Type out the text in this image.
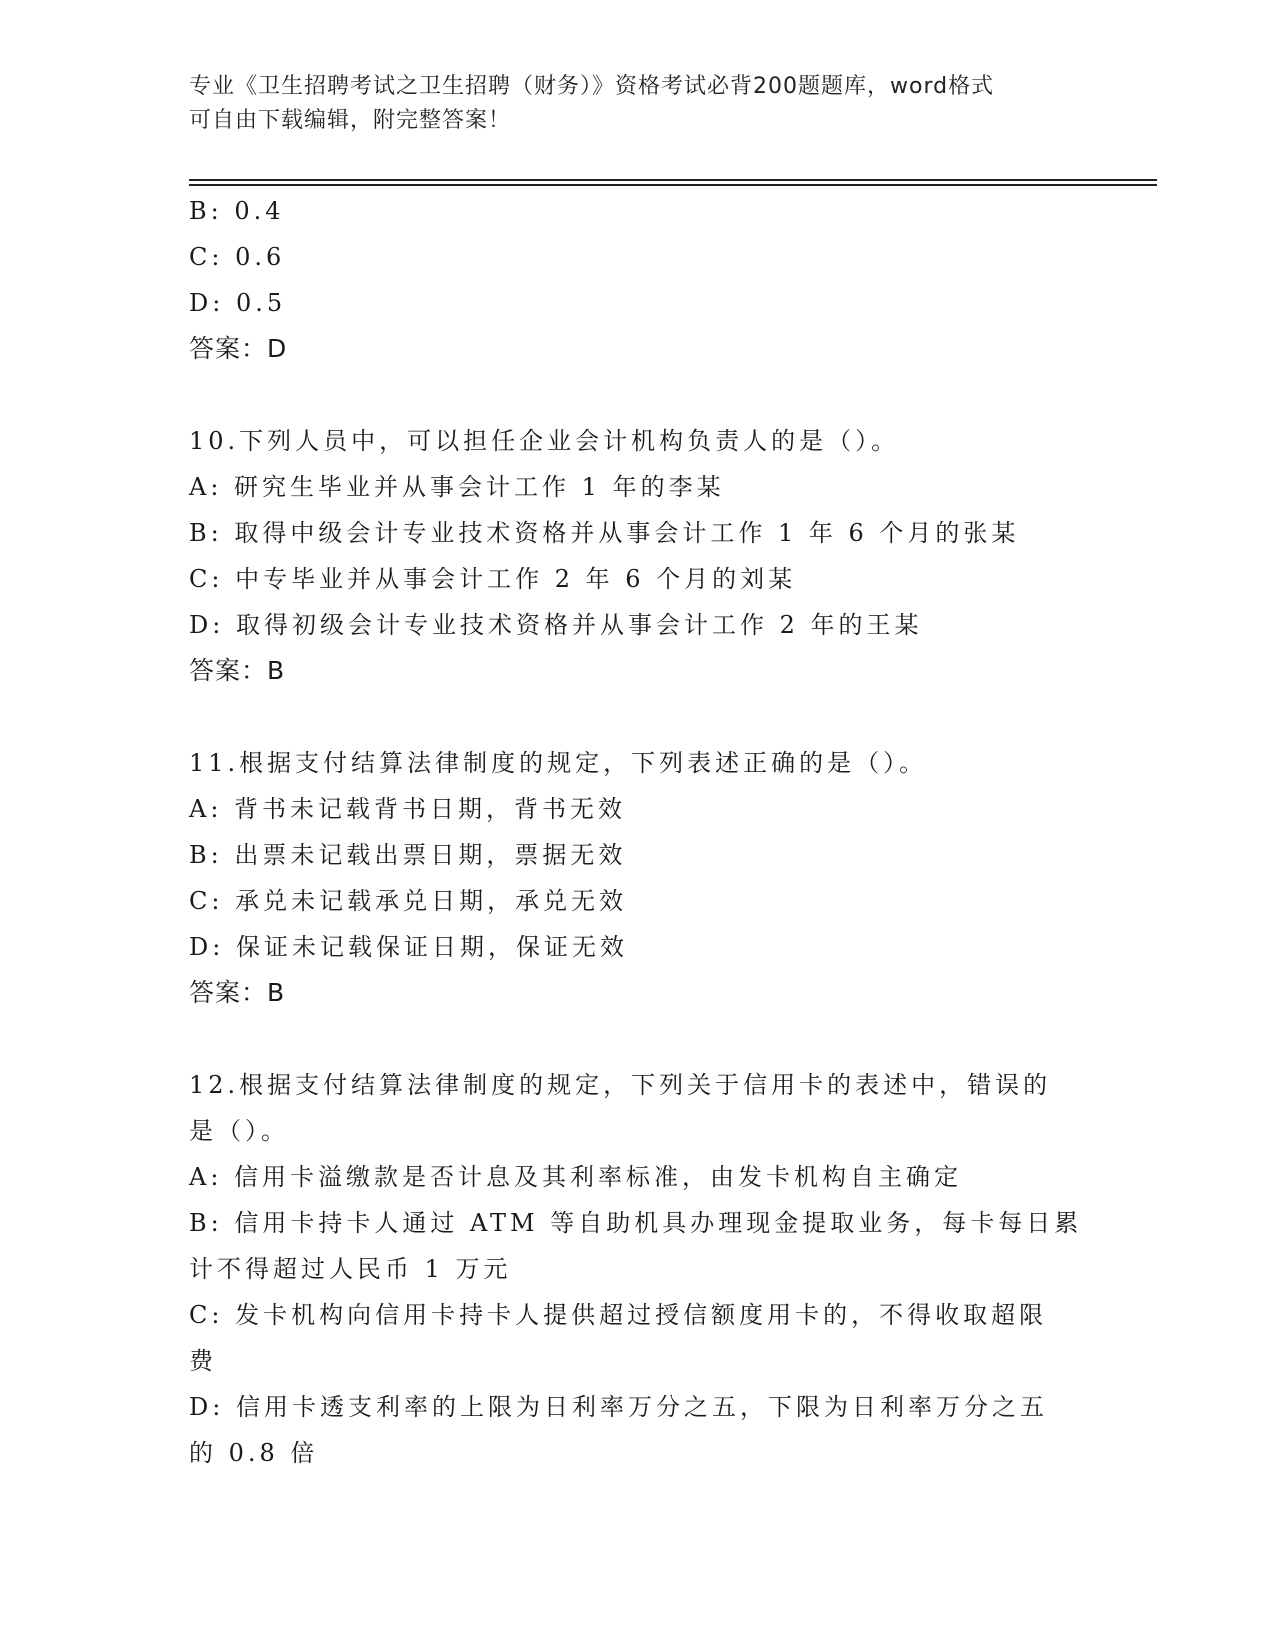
专业《卫生招聘考试之卫生招聘（财务）》资格考试必背200题题库，word格式
可自由下载编辑，附完整答案！
B: 0.4
C: 0.6
D: 0.5
答案：D
10.下列人员中，可以担任企业会计机构负责人的是（）。
A: 研究生毕业并从事会计工作 1 年的李某
B: 取得中级会计专业技术资格并从事会计工作 1 年 6 个月的张某
C: 中专毕业并从事会计工作 2 年 6 个月的刘某
D: 取得初级会计专业技术资格并从事会计工作 2 年的王某
答案：B
11.根据支付结算法律制度的规定，下列表述正确的是（）。
A: 背书未记载背书日期，背书无效
B: 出票未记载出票日期，票据无效
C: 承兑未记载承兑日期，承兑无效
D: 保证未记载保证日期，保证无效
答案：B
12.根据支付结算法律制度的规定，下列关于信用卡的表述中，错误的
是（）。
A: 信用卡溢缴款是否计息及其利率标准，由发卡机构自主确定
B: 信用卡持卡人通过 ATM 等自助机具办理现金提取业务，每卡每日累
计不得超过人民币 1 万元
C: 发卡机构向信用卡持卡人提供超过授信额度用卡的，不得收取超限
费
D: 信用卡透支利率的上限为日利率万分之五，下限为日利率万分之五
的 0.8 倍
